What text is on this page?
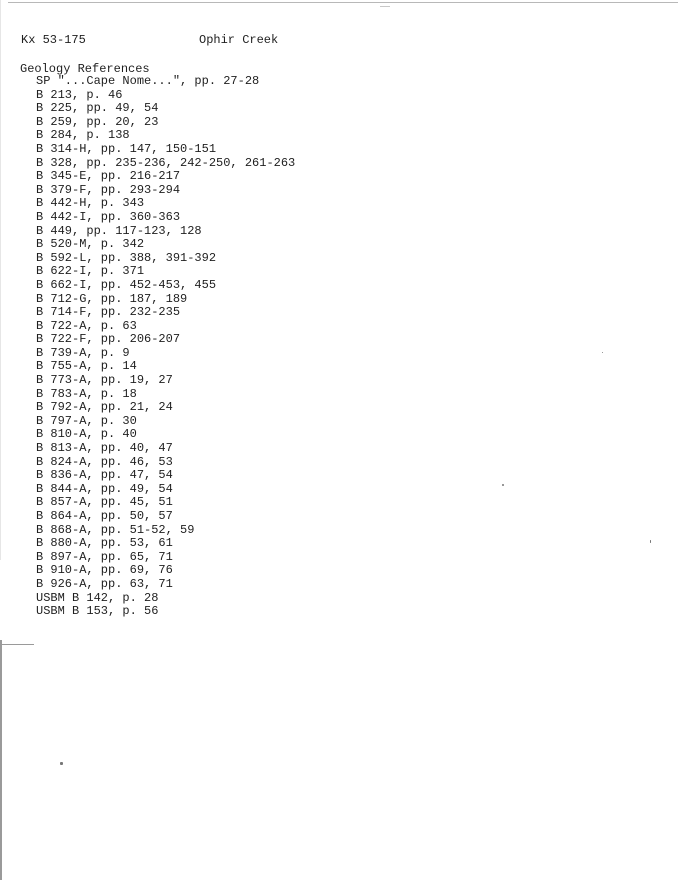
Kx 53-175

	Ophir Creek

Geology References
SP "...Cape Nome...", pp. 27-28
B 213, p. 46
B 225, pp. 49, 54
B 259, pp. 20, 23
B 284, p. 138
B 314-H, pp. 147, 150-151
B 328, pp. 235-236, 242-250, 261-263
B 345-E, pp. 216-217
B 379-F, pp. 293-294
B 442-H, p. 343
B 442-I, pp. 360-363
B 449, pp. 117-123, 128
B 520-M, p. 342
B 592-L, pp. 388, 391-392
B 622-I, p. 371
B 662-I, pp. 452-453, 455
B 712-G, pp. 187, 189
B 714-F, pp. 232-235
B 722-A, p. 63
B 722-F, pp. 206-207
B 739-A, p. 9
B 755-A, p. 14
B 773-A, pp. 19, 27
B 783-A, p. 18
B 792-A, pp. 21, 24
B 797-A, p. 30
B 810-A, p. 40
B 813-A, pp. 40, 47
B 824-A, pp. 46, 53
B 836-A, pp. 47, 54
B 844-A, pp. 49, 54
B 857-A, pp. 45, 51
B 864-A, pp. 50, 57
B 868-A, pp. 51-52, 59
B 880-A, pp. 53, 61
B 897-A, pp. 65, 71
B 910-A, pp. 69, 76
B 926-A, pp. 63, 71
USBM B 142, p. 28
USBM B 153, p. 56
